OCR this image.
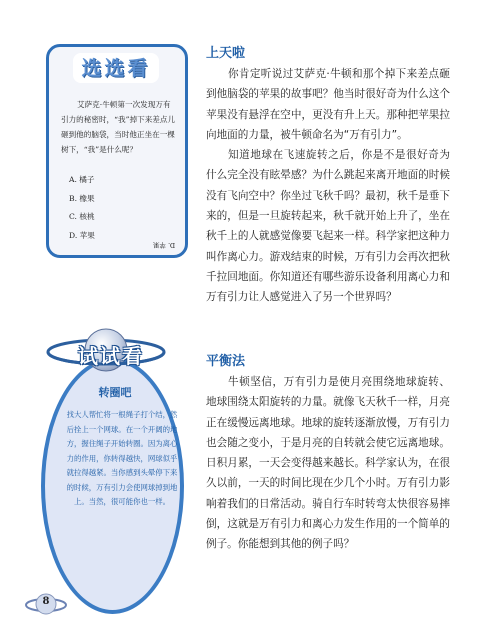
选选看
艾萨克·牛顿第一次发现万有引力的秘密时，“我”掉下来差点儿砸到他的脑袋，当时他正坐在一棵树下，“我”是什么呢？
A. 橘子
B. 橡果
C. 核桃
D. 苹果
D. 苹果
试试看
转圈吧
找大人帮忙将一根绳子打个结，然后拴上一个网球。在一个开阔的地方，握住绳子开始转圈。因为离心力的作用，你转得越快，网球似乎就拉得越紧。当你感到头晕停下来的时候，万有引力会使网球掉到地上。当然，很可能你也一样。
上天啦

你肯定听说过艾萨克·牛顿和那个掉下来差点砸到他脑袋的苹果的故事吧？他当时很好奇为什么这个苹果没有悬浮在空中，更没有升上天。那种把苹果拉向地面的力量，被牛顿命名为“万有引力”。

知道地球在飞速旋转之后，你是不是很好奇为什么完全没有眩晕感？为什么跳起来离开地面的时候没有飞向空中？你坐过飞秋千吗？最初，秋千是垂下来的，但是一旦旋转起来，秋千就开始上升了，坐在秋千上的人就感觉像要飞起来一样。科学家把这种力叫作离心力。游戏结束的时候，万有引力会再次把秋千拉回地面。你知道还有哪些游乐设备利用离心力和万有引力让人感觉进入了另一个世界吗？

平衡法

牛顿坚信，万有引力是使月亮围绕地球旋转、地球围绕太阳旋转的力量。就像飞天秋千一样，月亮正在缓慢远离地球。地球的旋转逐渐放慢，万有引力也会随之变小，于是月亮的自转就会使它远离地球。日积月累，一天会变得越来越长。科学家认为，在很久以前，一天的时间比现在少几个小时。万有引力影响着我们的日常活动。骑自行车时转弯太快很容易摔倒，这就是万有引力和离心力发生作用的一个简单的例子。你能想到其他的例子吗？

8
